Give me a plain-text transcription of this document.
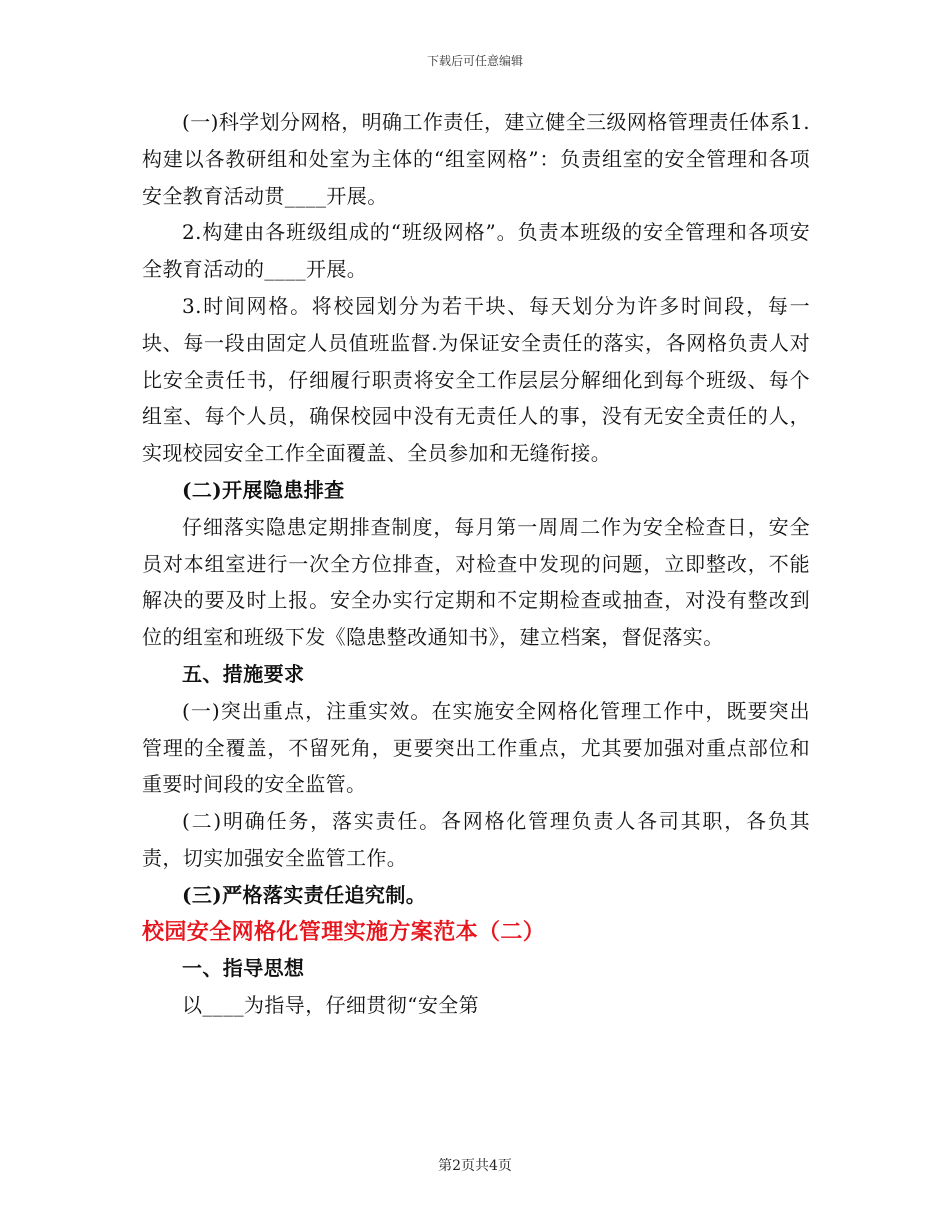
下载后可任意编辑

(一)科学划分网格，明确工作责任，建立健全三级网格管理责任体系1.构建以各教研组和处室为主体的“组室网格”：负责组室的安全管理和各项安全教育活动贯____开展。

2.构建由各班级组成的“班级网格”。负责本班级的安全管理和各项安全教育活动的____开展。

3.时间网格。将校园划分为若干块、每天划分为许多时间段，每一块、每一段由固定人员值班监督.为保证安全责任的落实，各网格负责人对比安全责任书，仔细履行职责将安全工作层层分解细化到每个班级、每个组室、每个人员，确保校园中没有无责任人的事，没有无安全责任的人，实现校园安全工作全面覆盖、全员参加和无缝衔接。

(二)开展隐患排查

仔细落实隐患定期排查制度，每月第一周周二作为安全检查日，安全员对本组室进行一次全方位排查，对检查中发现的问题，立即整改，不能解决的要及时上报。安全办实行定期和不定期检查或抽查，对没有整改到位的组室和班级下发《隐患整改通知书》，建立档案，督促落实。

五、措施要求

(一)突出重点，注重实效。在实施安全网格化管理工作中，既要突出管理的全覆盖，不留死角，更要突出工作重点，尤其要加强对重点部位和重要时间段的安全监管。

(二)明确任务，落实责任。各网格化管理负责人各司其职，各负其责，切实加强安全监管工作。

(三)严格落实责任追究制。

校园安全网格化管理实施方案范本（二）

一、指导思想

以____为指导，仔细贯彻“安全第

第2页共4页
